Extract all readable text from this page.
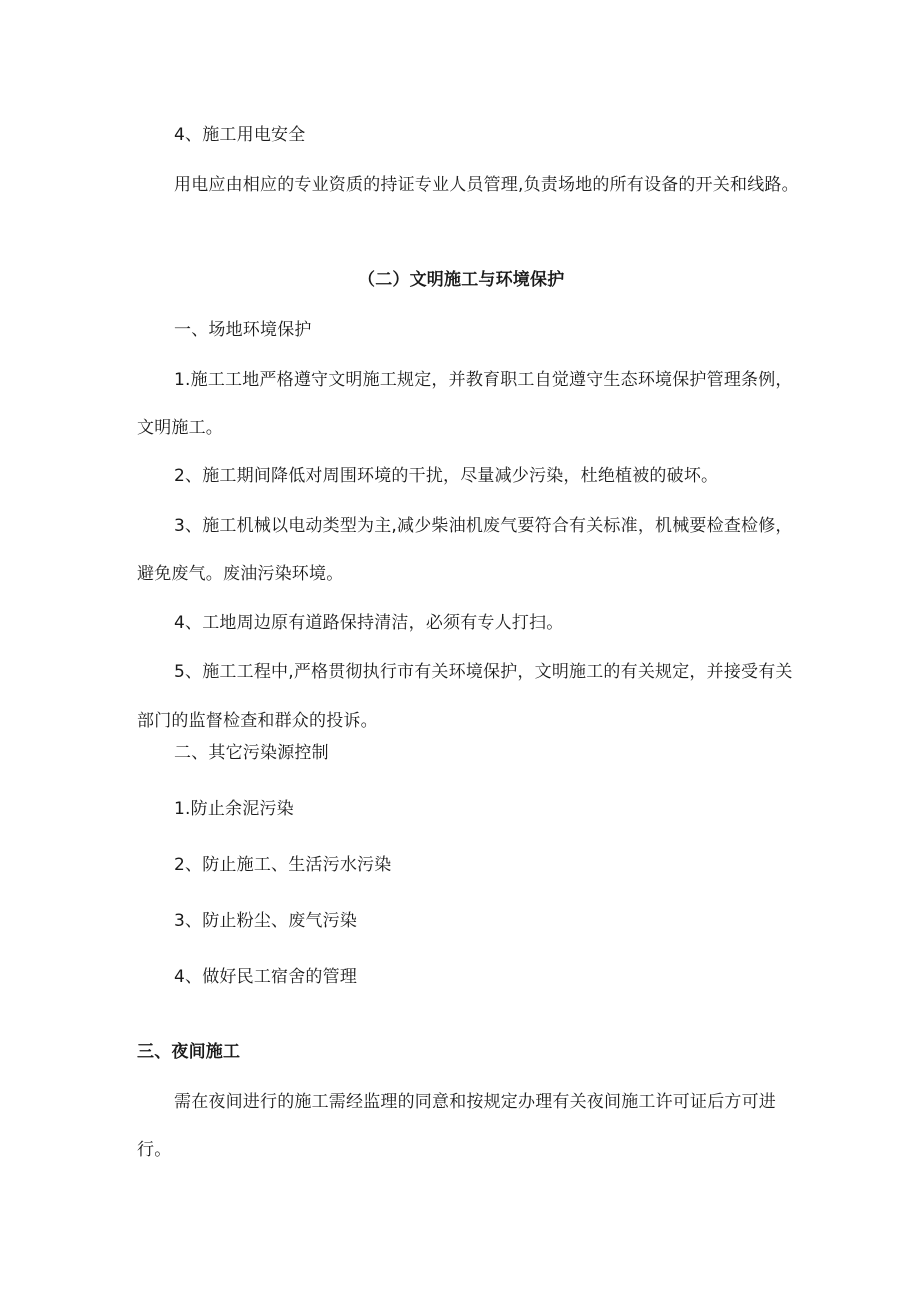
4、施工用电安全
用电应由相应的专业资质的持证专业人员管理,负责场地的所有设备的开关和线路。
（二）文明施工与环境保护
一、场地环境保护
1.施工工地严格遵守文明施工规定，并教育职工自觉遵守生态环境保护管理条例，
文明施工。
2、施工期间降低对周围环境的干扰，尽量减少污染，杜绝植被的破坏。
3、施工机械以电动类型为主,减少柴油机废气要符合有关标准，机械要检查检修，
避免废气。废油污染环境。
4、工地周边原有道路保持清洁，必须有专人打扫。
5、施工工程中,严格贯彻执行市有关环境保护，文明施工的有关规定，并接受有关
部门的监督检查和群众的投诉。
二、其它污染源控制
1.防止余泥污染
2、防止施工、生活污水污染
3、防止粉尘、废气污染
4、做好民工宿舍的管理
三、夜间施工
需在夜间进行的施工需经监理的同意和按规定办理有关夜间施工许可证后方可进
行。
